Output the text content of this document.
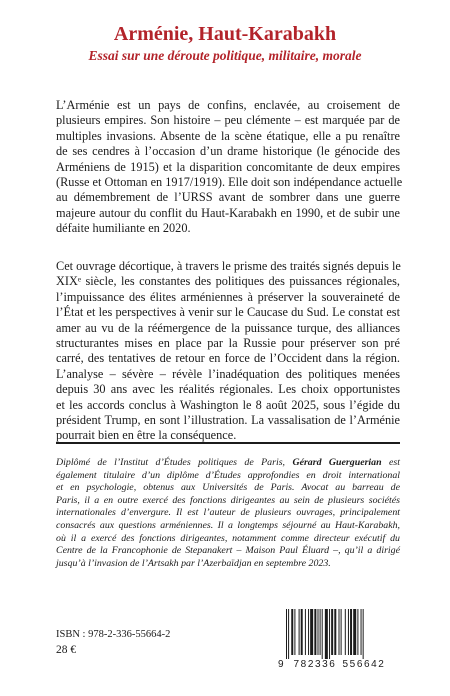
Arménie, Haut-Karabakh
Essai sur une déroute politique, militaire, morale
L’Arménie est un pays de confins, enclavée, au croisement de
plusieurs empires. Son histoire – peu clémente – est marquée par de
multiples invasions. Absente de la scène étatique, elle a pu renaître
de ses cendres à l’occasion d’un drame historique (le génocide des
Arméniens de 1915) et la disparition concomitante de deux empires
(Russe et Ottoman en 1917/1919). Elle doit son indépendance actuelle
au démembrement de l’URSS avant de sombrer dans une guerre
majeure autour du conflit du Haut-Karabakh en 1990, et de subir une
défaite humiliante en 2020.
Cet ouvrage décortique, à travers le prisme des traités signés depuis le
XIXᵉ siècle, les constantes des politiques des puissances régionales,
l’impuissance des élites arméniennes à préserver la souveraineté de
l’État et les perspectives à venir sur le Caucase du Sud. Le constat est
amer au vu de la réémergence de la puissance turque, des alliances
structurantes mises en place par la Russie pour préserver son pré
carré, des tentatives de retour en force de l’Occident dans la région.
L’analyse – sévère – révèle l’inadéquation des politiques menées
depuis 30 ans avec les réalités régionales. Les choix opportunistes
et les accords conclus à Washington le 8 août 2025, sous l’égide du
président Trump, en sont l’illustration. La vassalisation de l’Arménie
pourrait bien en être la conséquence.
Diplômé de l’Institut d’Études politiques de Paris, Gérard Guerguerian est
également titulaire d’un diplôme d’Études approfondies en droit international
et en psychologie, obtenus aux Universités de Paris. Avocat au barreau de
Paris, il a en outre exercé des fonctions dirigeantes au sein de plusieurs sociétés
internationales d’envergure. Il est l’auteur de plusieurs ouvrages, principalement
consacrés aux questions arméniennes. Il a longtemps séjourné au Haut-Karabakh,
où il a exercé des fonctions dirigeantes, notamment comme directeur exécutif du
Centre de la Francophonie de Stepanakert – Maison Paul Éluard –, qu’il a dirigé
jusqu’à l’invasion de l’Artsakh par l’Azerbaïdjan en septembre 2023.
ISBN : 978-2-336-55664-2
28 €
9 782336 556642
